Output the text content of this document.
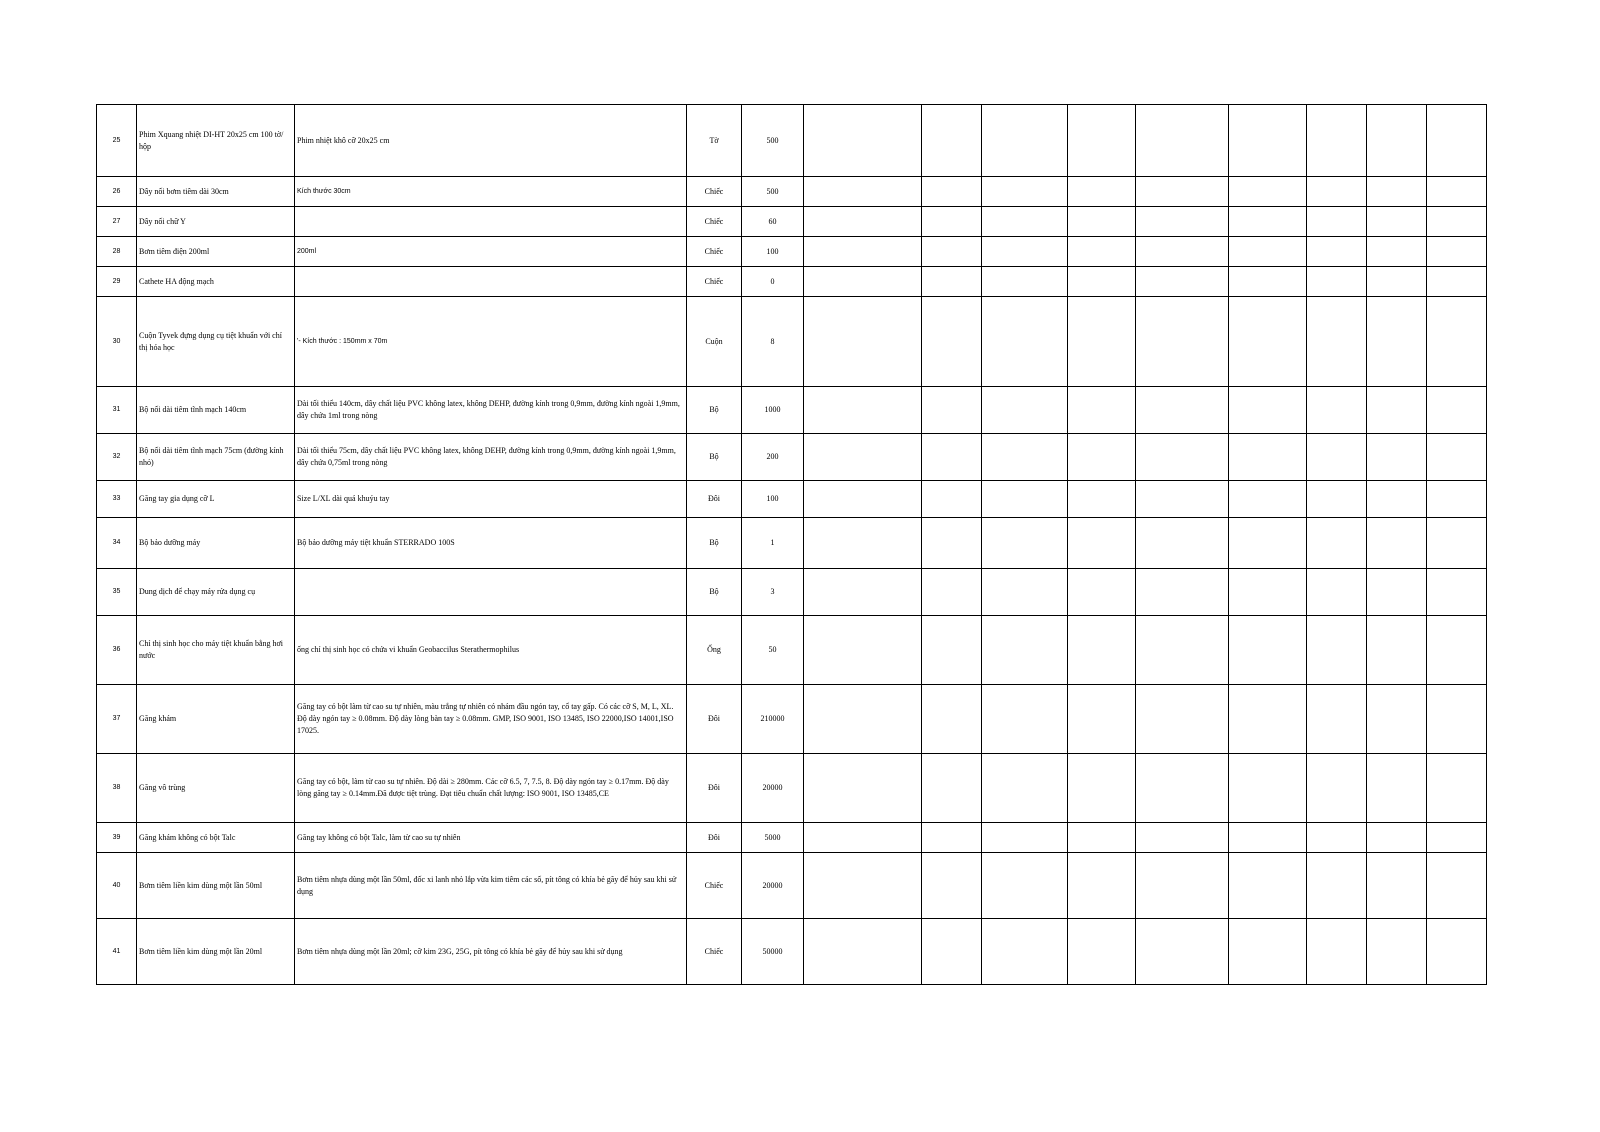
25	Phim Xquang nhiệt DI-HT 20x25 cm 100 tờ/ hộp	Phim nhiệt khô cỡ 20x25 cm	Tờ	500									
26	Dây nối bơm tiêm dài 30cm	Kích thước 30cm	Chiếc	500									
27	Dây nối chữ Y		Chiếc	60									
28	Bơm tiêm điện 200ml	200ml	Chiếc	100									
29	Cathete HA động mạch		Chiếc	0									
30	Cuộn Tyvek đựng dụng cụ tiệt khuẩn với chỉ thị hóa học	'- Kích thước : 150mm x 70m	Cuộn	8									
31	Bộ nối dài tiêm tĩnh mạch 140cm	Dài tối thiểu 140cm, dây chất liệu PVC không latex, không DEHP, đường kính trong 0,9mm, đường kính ngoài 1,9mm, dây chứa 1ml trong nòng	Bộ	1000									
32	Bộ nối dài tiêm tĩnh mạch 75cm (đường kính nhỏ)	Dài tối thiểu 75cm, dây chất liệu PVC không latex, không DEHP, đường kính trong 0,9mm, đường kính ngoài 1,9mm, dây chứa 0,75ml trong nòng	Bộ	200									
33	Găng tay gia dụng cỡ L	Size L/XL dài quá khuỷu tay	Đôi	100									
34	Bộ bảo dưỡng máy	Bộ bảo dưỡng máy tiệt khuẩn STERRADO 100S	Bộ	1									
35	Dung dịch để chạy máy rửa dụng cụ		Bộ	3									
36	Chỉ thị sinh học cho máy tiệt khuẩn bằng hơi nước	ống chỉ thị sinh học có chứa vi khuẩn Geobaccilus Sterathermophilus	Ống	50									
37	Găng khám	Găng tay có bột làm từ cao su tự nhiên, màu trắng tự nhiên có nhám đầu ngón tay, cổ tay gấp. Có các cỡ S, M, L, XL. Độ dày ngón tay ≥ 0.08mm. Độ dày lòng bàn tay ≥ 0.08mm. GMP, ISO 9001, ISO 13485, ISO 22000,ISO 14001,ISO 17025.	Đôi	210000									
38	Găng vô trùng	Găng tay có bột, làm từ cao su tự nhiên. Độ dài ≥ 280mm. Các cỡ 6.5, 7, 7.5, 8. Độ dày ngón tay ≥ 0.17mm. Độ dày lòng găng tay ≥ 0.14mm.Đã được tiệt trùng. Đạt tiêu chuẩn chất lượng: ISO 9001, ISO 13485,CE	Đôi	20000									
39	Găng khám không có bột Talc	Găng tay không có bột Talc, làm từ cao su tự nhiên	Đôi	5000									
40	Bơm tiêm liền kim dùng một lần 50ml	Bơm tiêm nhựa dùng một lần 50ml, đốc xi lanh nhỏ lắp vừa kim tiêm các số, pít tông có khía bẻ gãy để hủy sau khi sử dụng	Chiếc	20000									
41	Bơm tiêm liền kim dùng một lần 20ml	Bơm tiêm nhựa dùng một lần 20ml; cỡ kim 23G, 25G, pít tông có khía bẻ gãy để hủy sau khi sử dụng	Chiếc	50000									
